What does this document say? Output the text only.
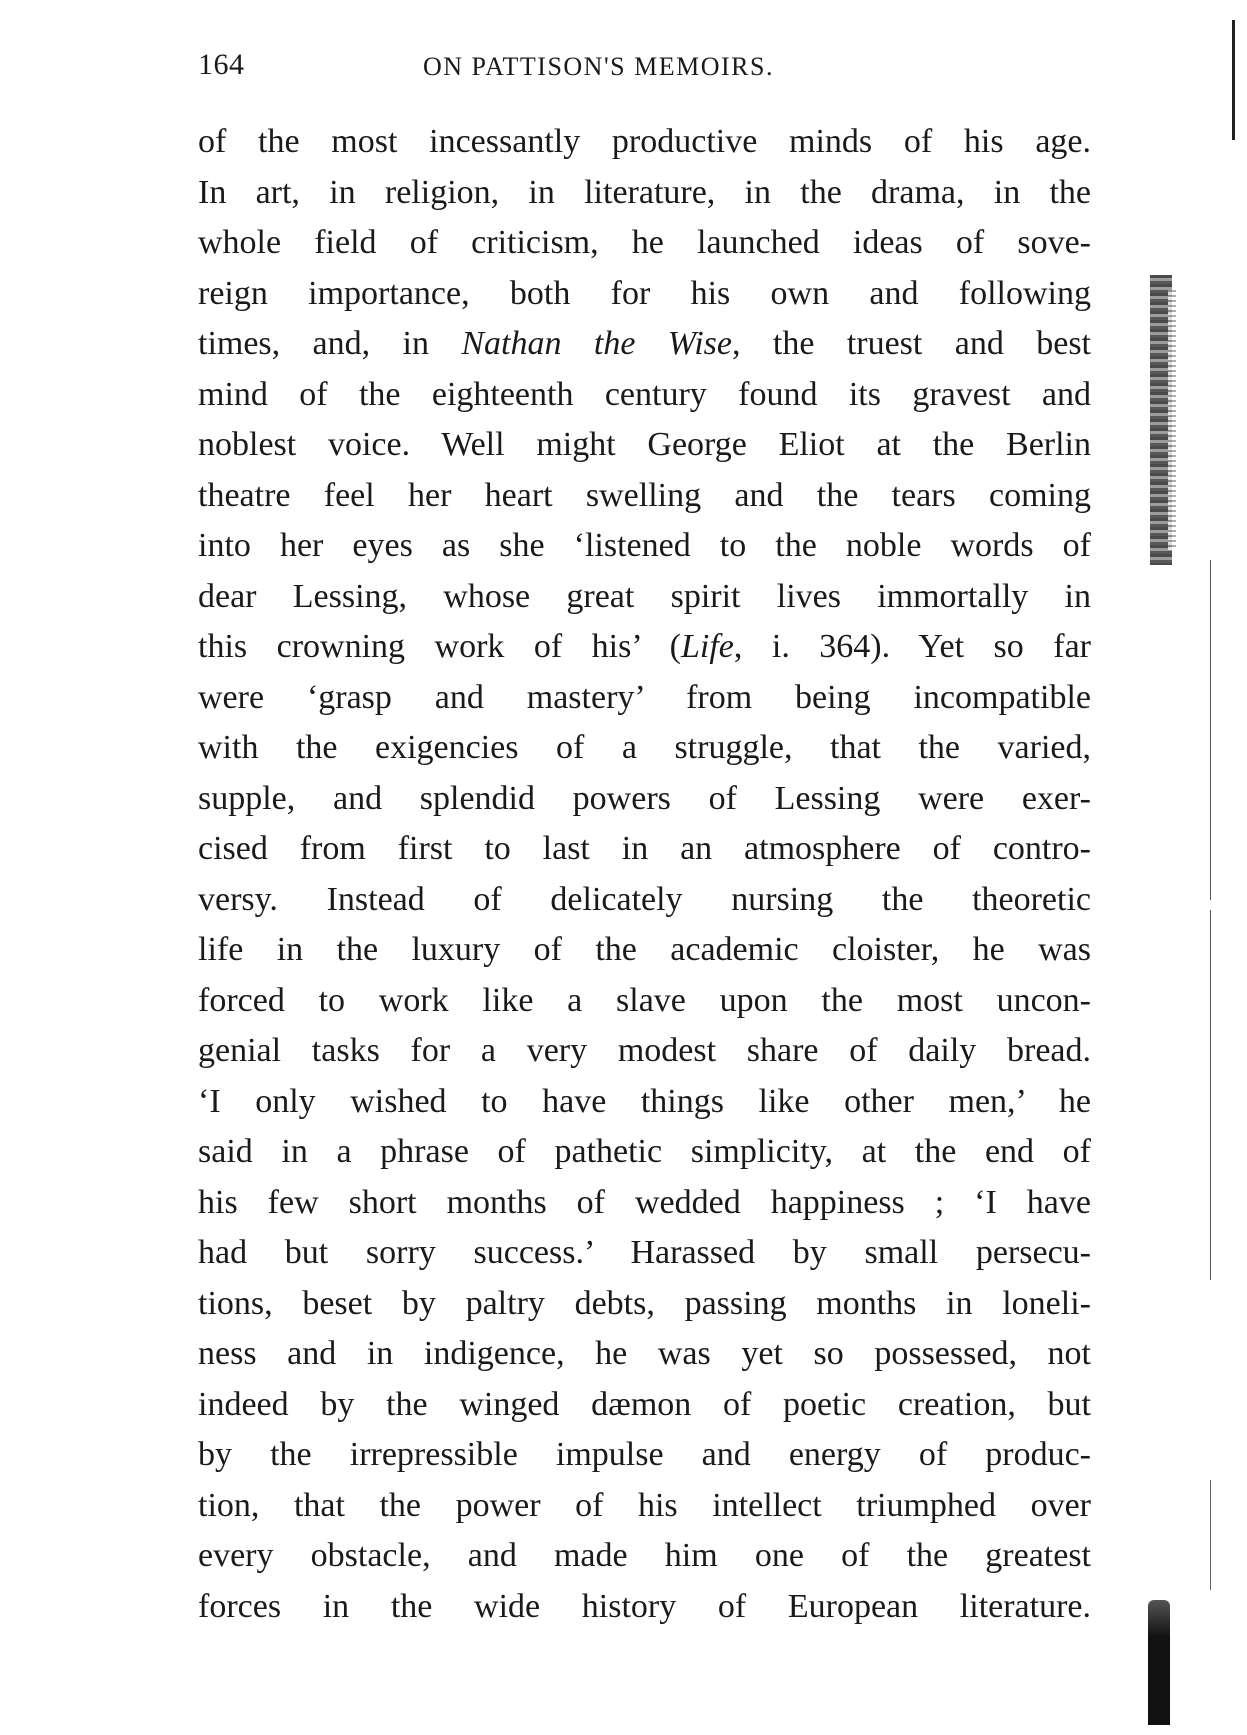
164	ON PATTISON'S MEMOIRS.
of the most incessantly productive minds of his age.
In art, in religion, in literature, in the drama, in the
whole field of criticism, he launched ideas of sove-
reign importance, both for his own and following
times, and, in Nathan the Wise, the truest and best
mind of the eighteenth century found its gravest and
noblest voice. Well might George Eliot at the Berlin
theatre feel her heart swelling and the tears coming
into her eyes as she ‘listened to the noble words of
dear Lessing, whose great spirit lives immortally in
this crowning work of his’ (Life, i. 364). Yet so far
were ‘grasp and mastery’ from being incompatible
with the exigencies of a struggle, that the varied,
supple, and splendid powers of Lessing were exer-
cised from first to last in an atmosphere of contro-
versy. Instead of delicately nursing the theoretic
life in the luxury of the academic cloister, he was
forced to work like a slave upon the most uncon-
genial tasks for a very modest share of daily bread.
‘I only wished to have things like other men,’ he
said in a phrase of pathetic simplicity, at the end of
his few short months of wedded happiness ; ‘I have
had but sorry success.’ Harassed by small persecu-
tions, beset by paltry debts, passing months in loneli-
ness and in indigence, he was yet so possessed, not
indeed by the winged dæmon of poetic creation, but
by the irrepressible impulse and energy of produc-
tion, that the power of his intellect triumphed over
every obstacle, and made him one of the greatest
forces in the wide history of European literature.
